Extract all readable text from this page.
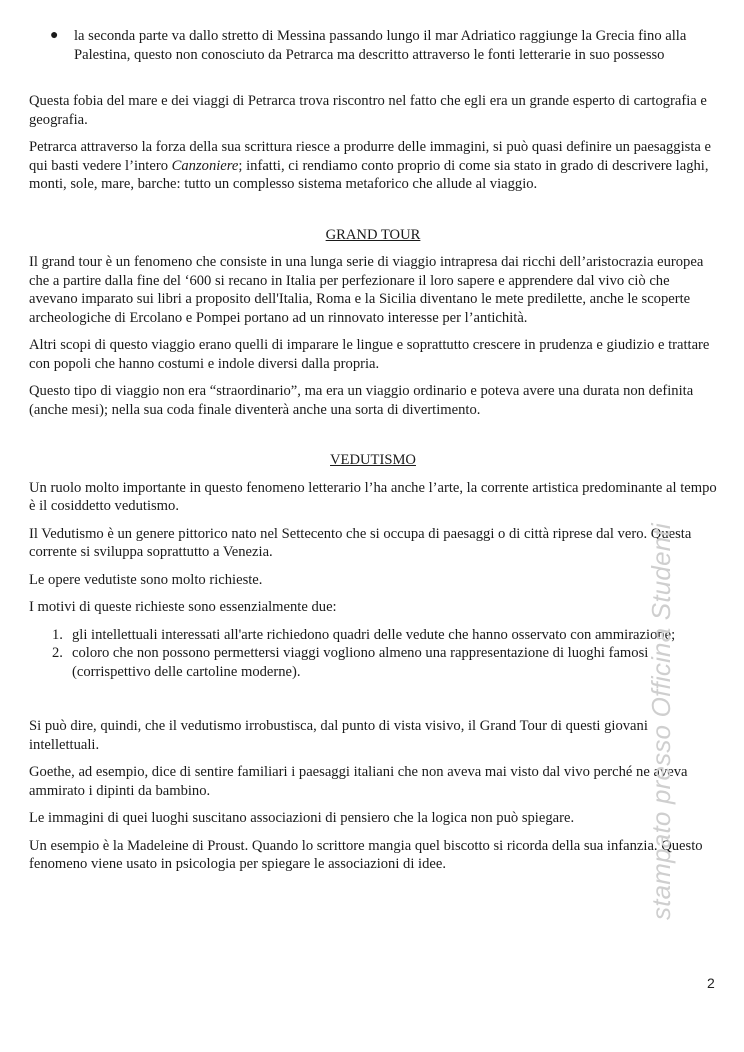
● la seconda parte va dallo stretto di Messina passando lungo il mar Adriatico raggiunge la Grecia fino alla Palestina, questo non conosciuto da Petrarca ma descritto attraverso le fonti letterarie in suo possesso

Questa fobia del mare e dei viaggi di Petrarca trova riscontro nel fatto che egli era un grande esperto di cartografia e geografia.

Petrarca attraverso la forza della sua scrittura riesce a produrre delle immagini, si può quasi definire un paesaggista e qui basti vedere l’intero Canzoniere; infatti, ci rendiamo conto proprio di come sia stato in grado di descrivere laghi, monti, sole, mare, barche: tutto un complesso sistema metaforico che allude al viaggio.

GRAND TOUR

Il grand tour è un fenomeno che consiste in una lunga serie di viaggio intrapresa dai ricchi dell’aristocrazia europea che a partire dalla fine del ‘600 si recano in Italia per perfezionare il loro sapere e apprendere dal vivo ciò che avevano imparato sui libri a proposito dell'Italia, Roma e la Sicilia diventano le mete predilette, anche le scoperte archeologiche di Ercolano e Pompei portano ad un rinnovato interesse per l’antichità.

Altri scopi di questo viaggio erano quelli di imparare le lingue e soprattutto crescere in prudenza e giudizio e trattare con popoli che hanno costumi e indole diversi dalla propria.

Questo tipo di viaggio non era “straordinario”, ma era un viaggio ordinario e poteva avere una durata non definita (anche mesi); nella sua coda finale diventerà anche una sorta di divertimento.

VEDUTISMO

Un ruolo molto importante in questo fenomeno letterario l’ha anche l’arte, la corrente artistica predominante al tempo è il cosiddetto vedutismo.

Il Vedutismo è un genere pittorico nato nel Settecento che si occupa di paesaggi o di città riprese dal vero. Questa corrente si sviluppa soprattutto a Venezia.

Le opere vedutiste sono molto richieste.

I motivi di queste richieste sono essenzialmente due:

1. gli intellettuali interessati all'arte richiedono quadri delle vedute che hanno osservato con ammirazione;
2. coloro che non possono permettersi viaggi vogliono almeno una rappresentazione di luoghi famosi (corrispettivo delle cartoline moderne).

Si può dire, quindi, che il vedutismo irrobustisca, dal punto di vista visivo, il Grand Tour di questi giovani intellettuali.

Goethe, ad esempio, dice di sentire familiari i paesaggi italiani che non aveva mai visto dal vivo perché ne aveva ammirato i dipinti da bambino.

Le immagini di quei luoghi suscitano associazioni di pensiero che la logica non può spiegare.

Un esempio è la Madeleine di Proust. Quando lo scrittore mangia quel biscotto si ricorda della sua infanzia. Questo fenomeno viene usato in psicologia per spiegare le associazioni di idee.	stampato presso Officina Studenti
2
